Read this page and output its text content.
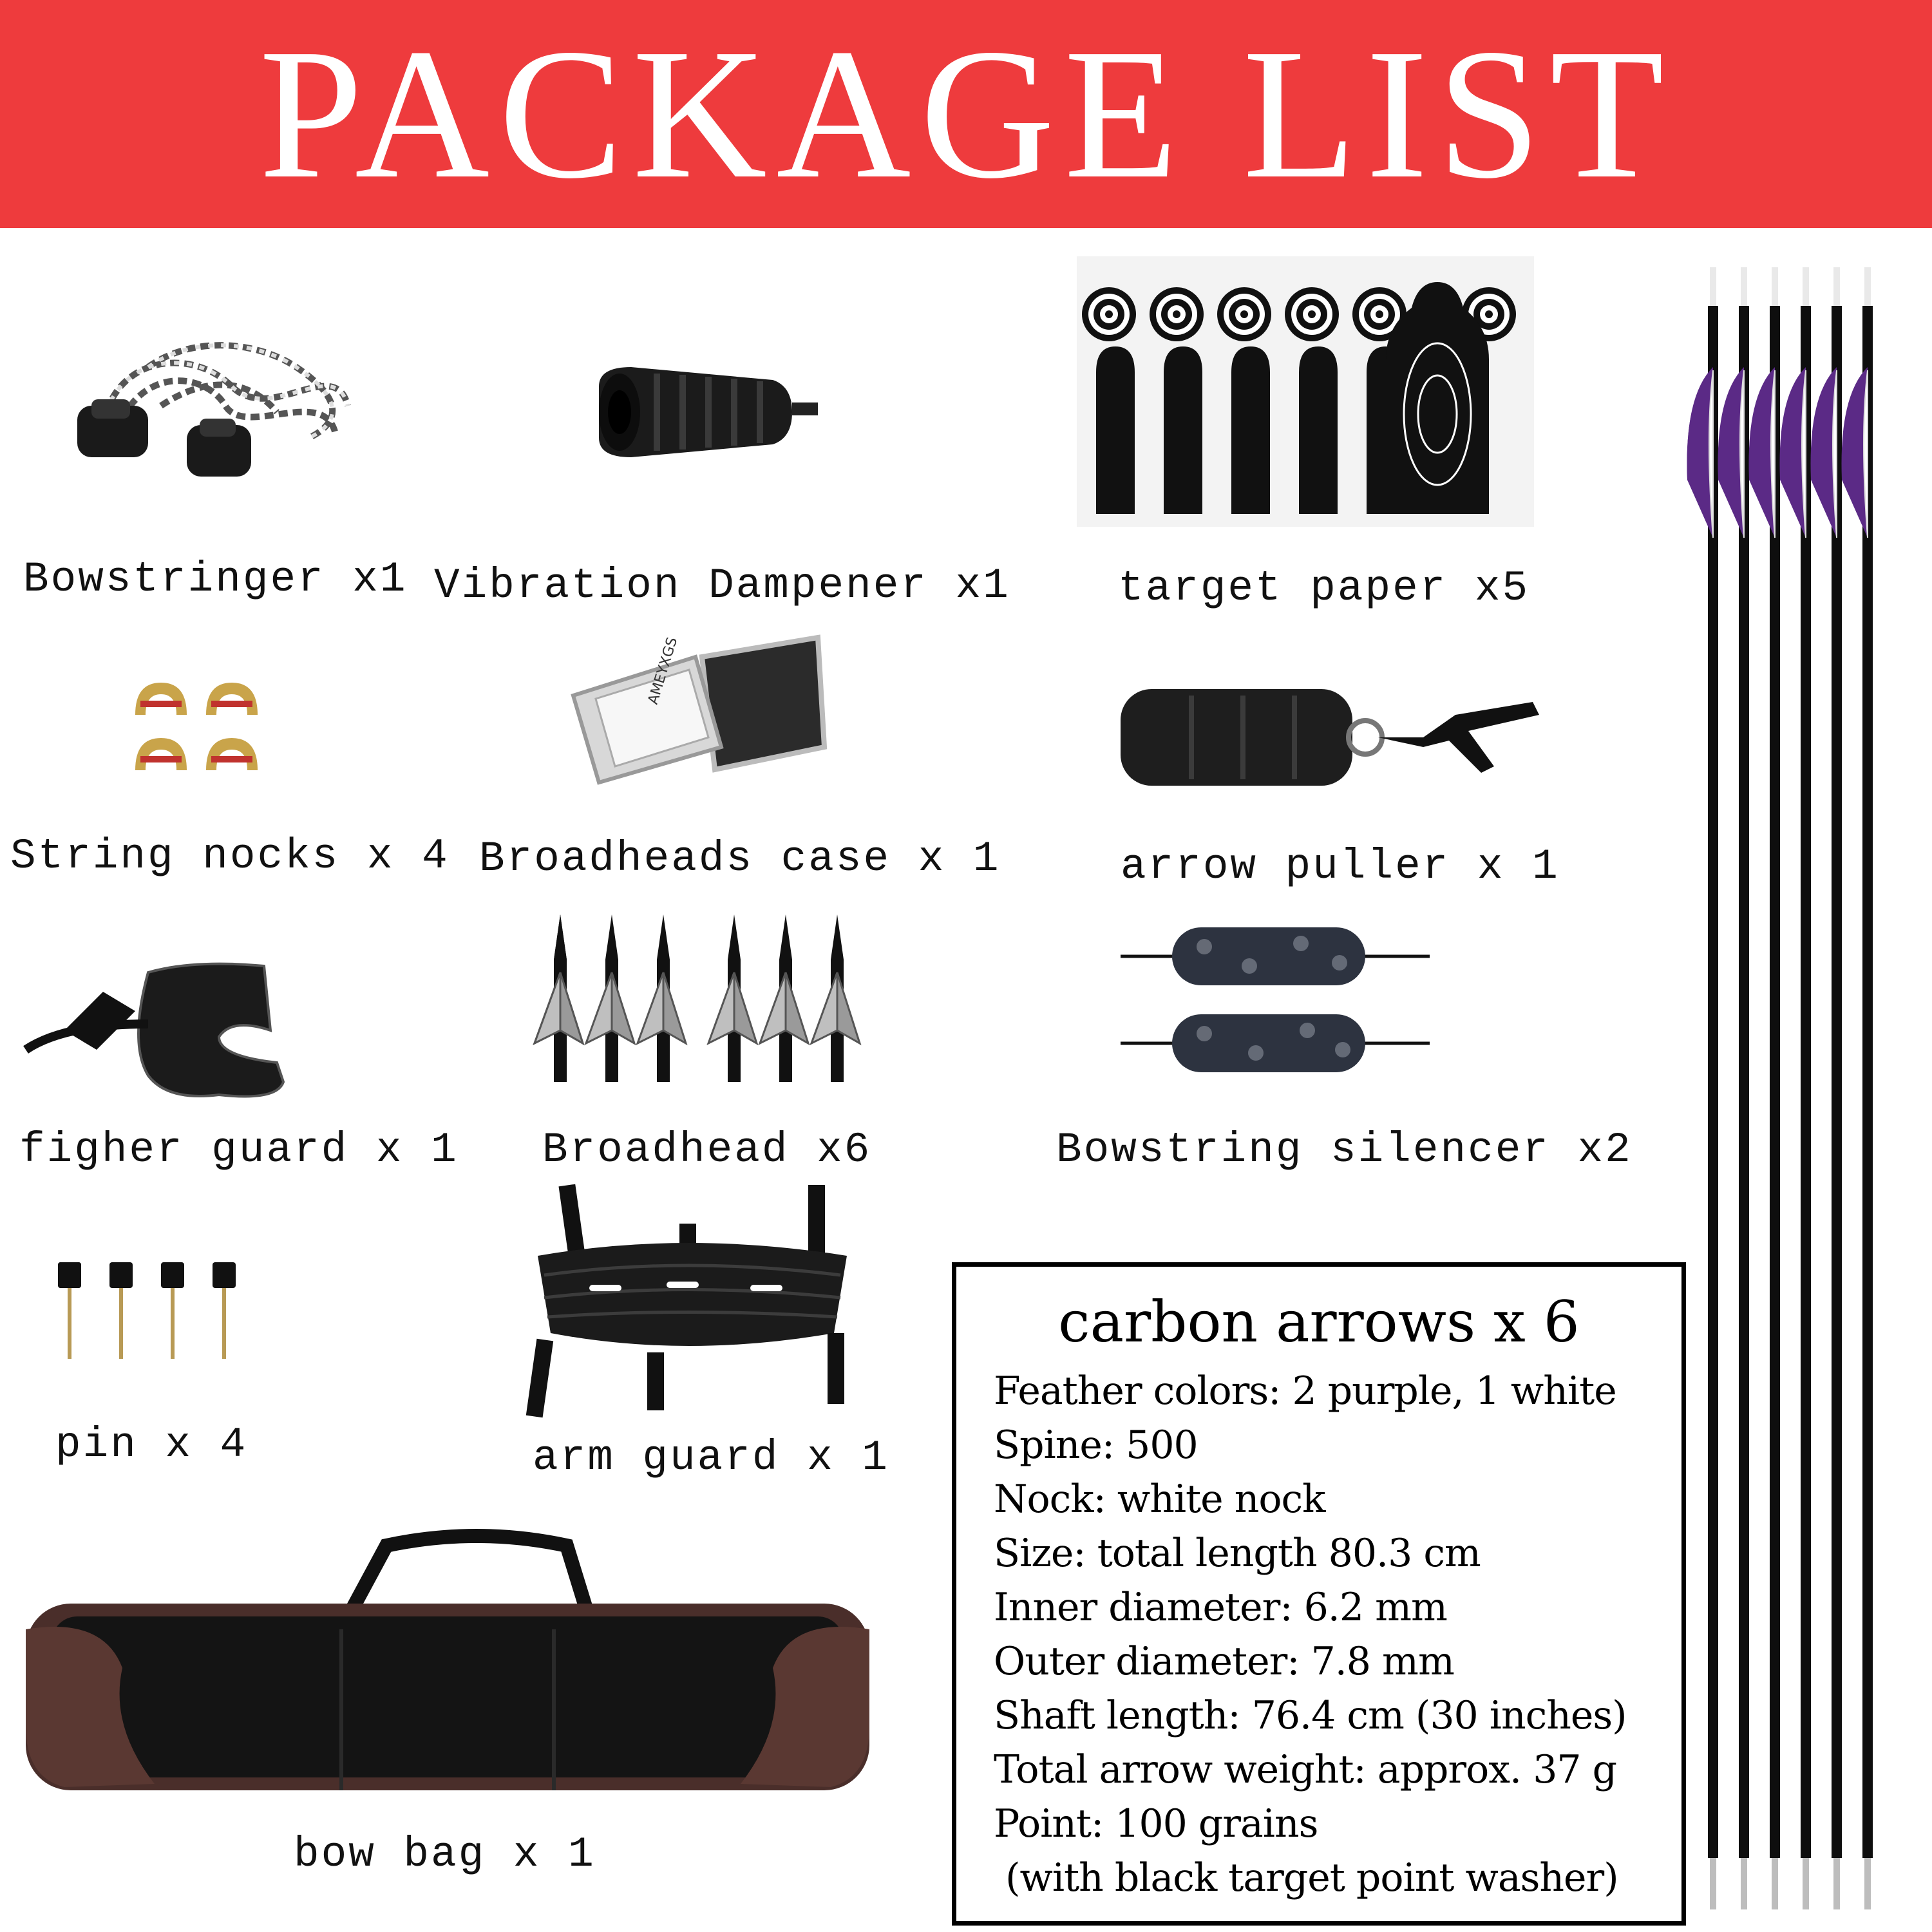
PACKAGE LIST
Bowstringer x1 Vibration Dampener x1	target paper x5
String nocks x 4
AMEYXGS
Broadheads case x 1	arrow puller x 1
figher guard x 1 Broadhead x6	Bowstring silencer x2
pin x 4	arm guard x 1
bow bag x 1
carbon arrows x 6
Feather colors: 2 purple, 1 white
Spine: 500
Nock: white nock
Size: total length 80.3 cm
Inner diameter: 6.2 mm
Outer diameter: 7.8 mm
Shaft length: 76.4 cm (30 inches)
Total arrow weight: approx. 37 g
Point: 100 grains
(with black target point washer)
